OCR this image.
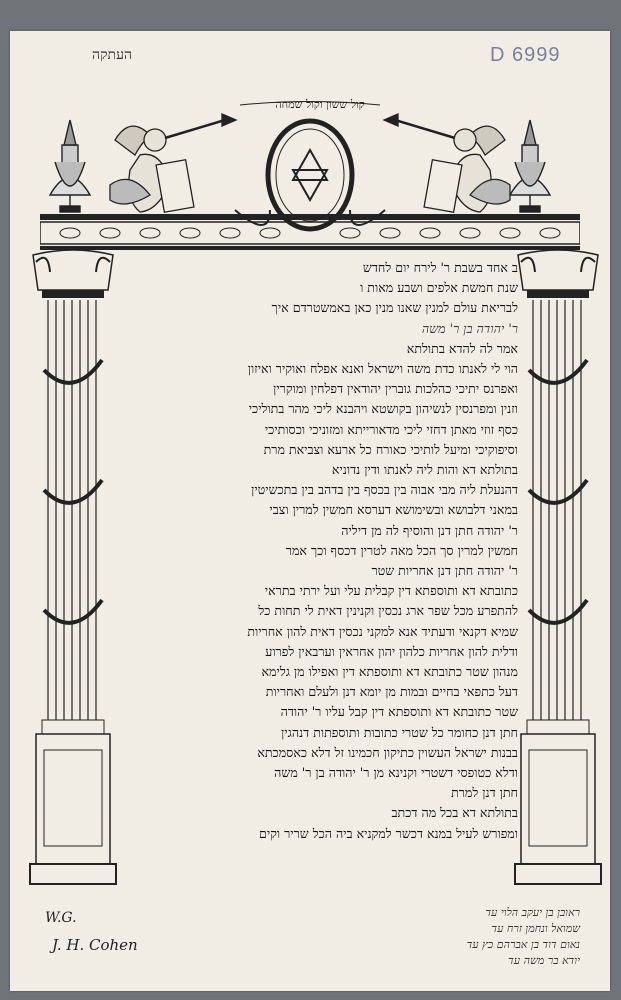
העתקה	D 6999
קול ששון וקול שמחה
ב אחד בשבת ר' לירח יום לחדש
שנת חמשת אלפים ושבע מאות ו
לבריאת עולם למנין שאנו מנין כאן באמשטרדם איך
ר' יהודה בן ר' משה
אמר לה להדא בתולתא
הוי לי לאנתו כדת משה וישראל ואנא אפלח ואוקיר ואיזון
ואפרנס יתיכי כהלכות גוברין יהודאין דפלחין ומוקרין
וזנין ומפרנסין לנשיהון בקושטא ויהבנא ליכי מהר בתוליכי
כסף זוזי מאתן דחזי ליכי מדאורייתא ומזוניכי וכסותיכי
וסיפוקיכי ומיעל לותיכי כאורח כל ארעא וצביאת מרת
בתולתא דא והות ליה לאנתו ודין נדוניא
דהנעלת ליה מבי אבוה בין בכסף בין בדהב בין בתכשיטין
במאני דלבושא ובשימושא דערסא חמשין למרין וצבי
ר' יהודה חתן דנן והוסיף לה מן דיליה
חמשין למרין סך הכל מאה לטרין דכסף וכך אמר
ר' יהודה חתן דנן אחריות שטר
כתובתא דא ותוספתא דין קבלית עלי ועל ירתי בתראי
להתפרע מכל שפר ארג נכסין וקנינין דאית לי תחות כל
שמיא דקנאי ודעתיד אנא למקני נכסין דאית להון אחריות
ודלית להון אחריות כלהון יהון אחראין וערבאין לפרוע
מנהון שטר כתובתא דא ותוספתא דין ואפילו מן גלימא
דעל כתפאי בחיים ובמות מן יומא דנן ולעלם ואחריות
שטר כתובתא דא ותוספתא דין קבל עליו ר' יהודה
חתן דנן כחומר כל שטרי כתובות ותוספתות דנהגין
בבנות ישראל העשוין כתיקון חכמינו זל דלא כאסמכתא
ודלא כטופסי דשטרי וקנינא מן ר' יהודה בן ר' משה
חתן דנן למרת
בתולתא דא בכל מה דכתב
ומפורש לעיל במנא דכשר למקניא ביה הכל שריר וקים
W.G.
J. H. Cohen
ראובן בן יעקב הלוי עד
שמואל ונחמן זרח עד
נאום דוד בן אברהם כץ עד
יודא בר משה עד
